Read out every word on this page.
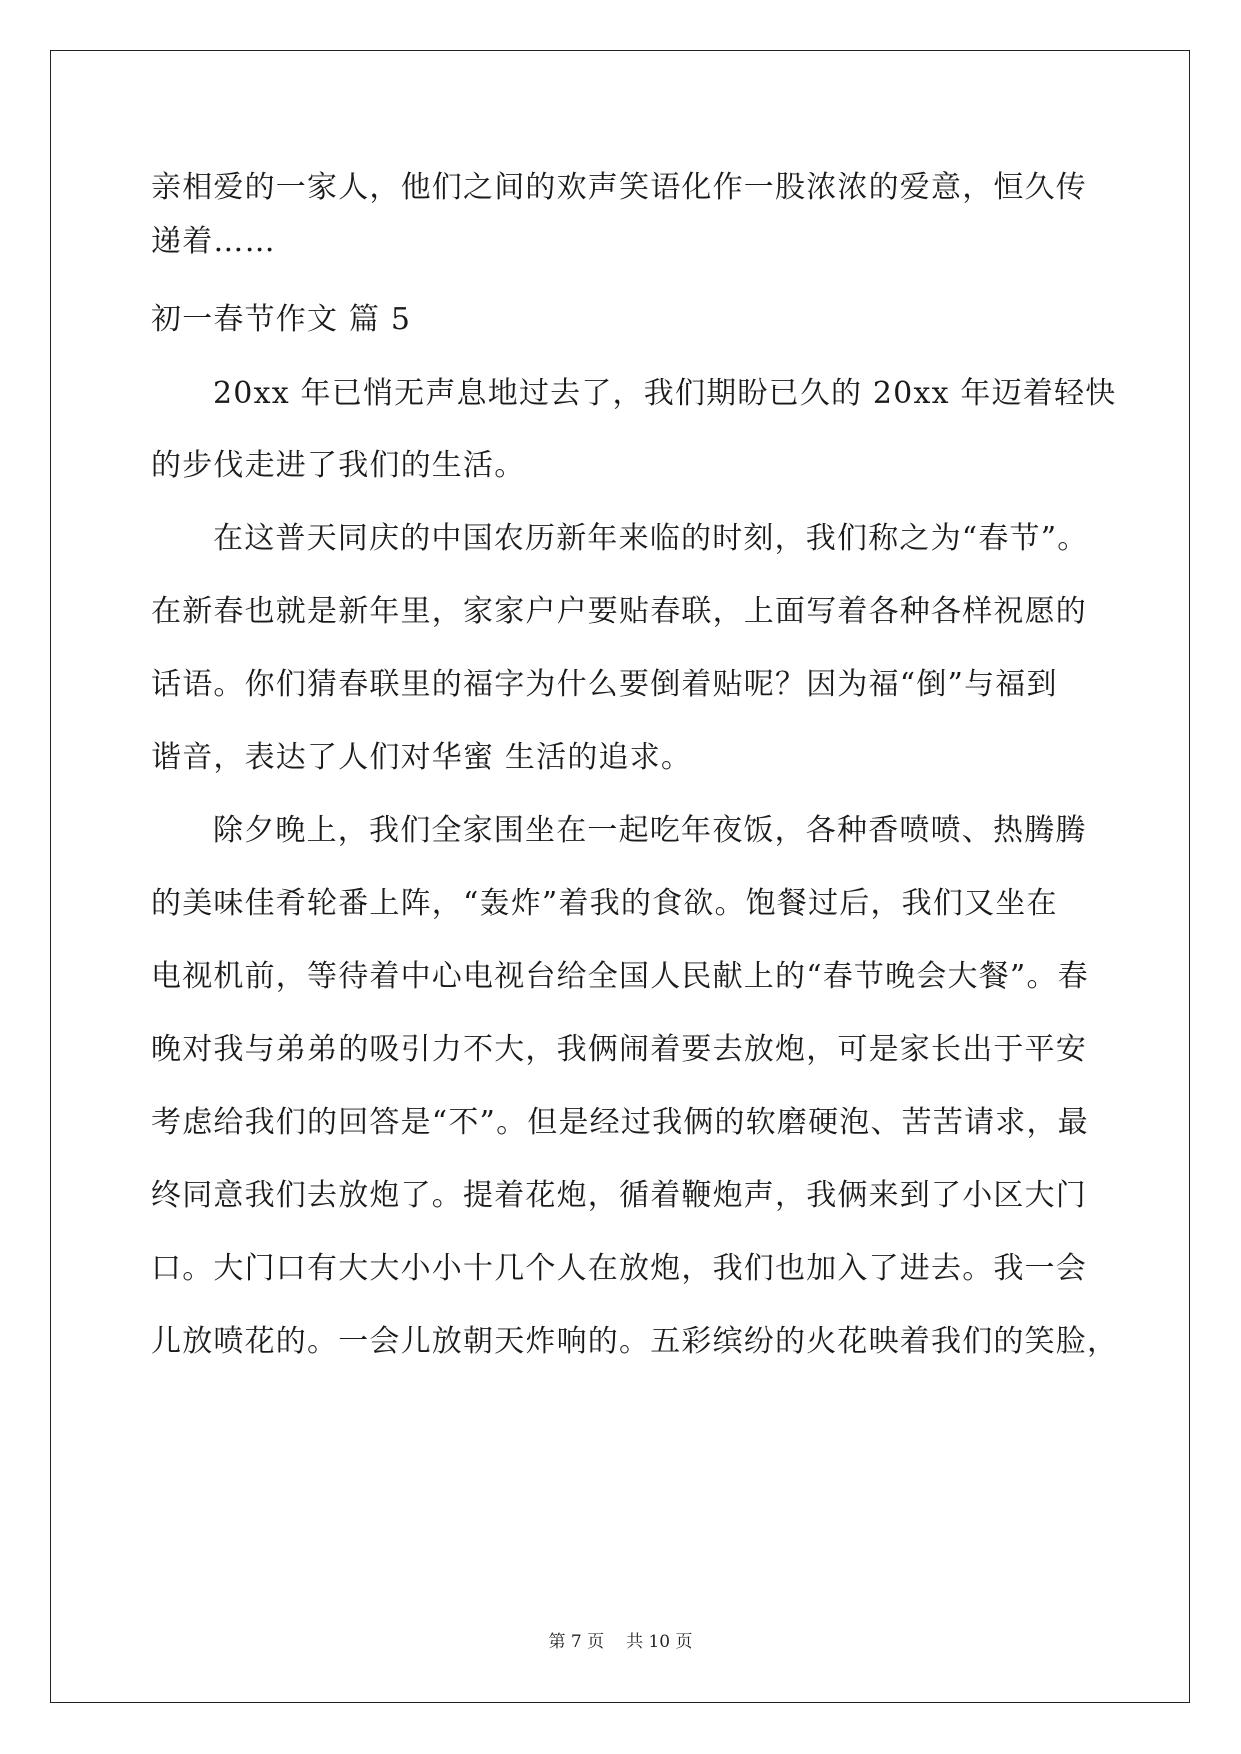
亲相爱的一家人，他们之间的欢声笑语化作一股浓浓的爱意，恒久传
递着……
初一春节作文 篇 5
20xx 年已悄无声息地过去了，我们期盼已久的 20xx 年迈着轻快
的步伐走进了我们的生活。
在这普天同庆的中国农历新年来临的时刻，我们称之为“春节”。
在新春也就是新年里，家家户户要贴春联，上面写着各种各样祝愿的
话语。你们猜春联里的福字为什么要倒着贴呢？因为福“倒”与福到
谐音，表达了人们对华蜜 生活的追求。
除夕晚上，我们全家围坐在一起吃年夜饭，各种香喷喷、热腾腾
的美味佳肴轮番上阵，“轰炸”着我的食欲。饱餐过后，我们又坐在
电视机前，等待着中心电视台给全国人民献上的“春节晚会大餐”。春
晚对我与弟弟的吸引力不大，我俩闹着要去放炮，可是家长出于平安
考虑给我们的回答是“不”。但是经过我俩的软磨硬泡、苦苦请求，最
终同意我们去放炮了。提着花炮，循着鞭炮声，我俩来到了小区大门
口。大门口有大大小小十几个人在放炮，我们也加入了进去。我一会
儿放喷花的。一会儿放朝天炸响的。五彩缤纷的火花映着我们的笑脸，
第 7 页 共 10 页
